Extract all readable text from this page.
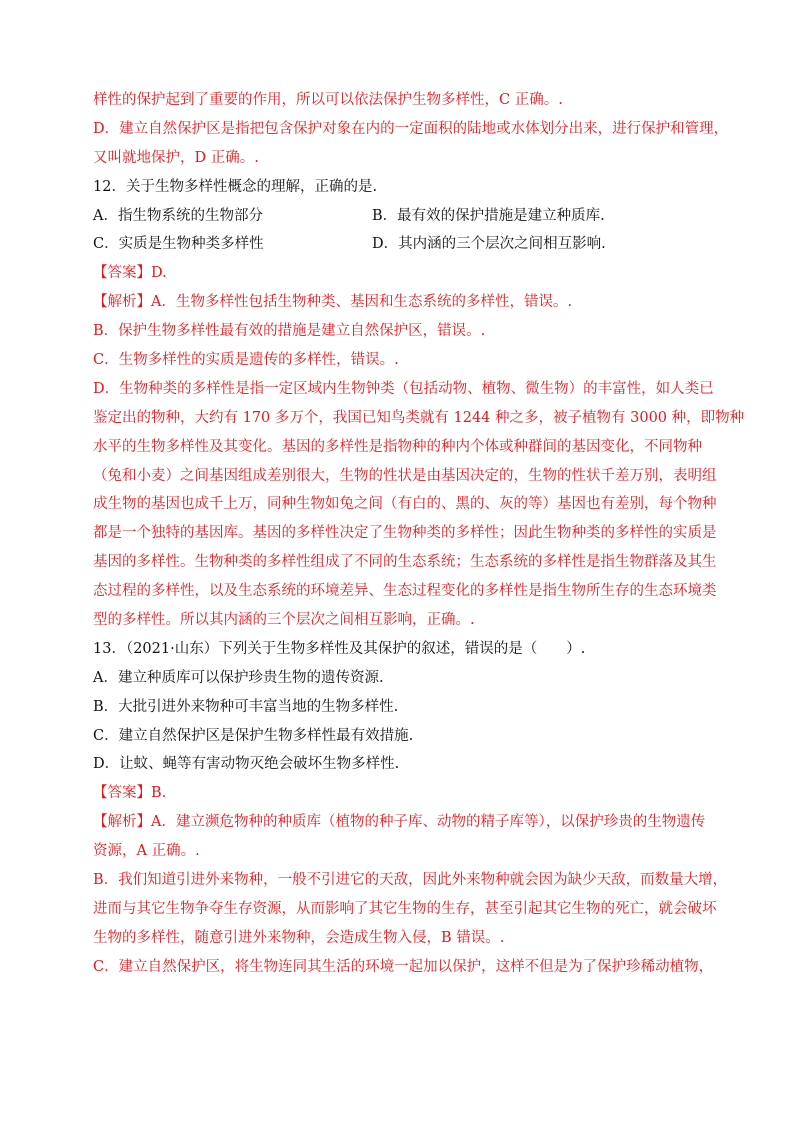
样性的保护起到了重要的作用，所以可以依法保护生物多样性，C 正确。.
D．建立自然保护区是指把包含保护对象在内的一定面积的陆地或水体划分出来，进行保护和管理，
又叫就地保护，D 正确。.
12．关于生物多样性概念的理解，正确的是.
A．指生物系统的生物部分	B．最有效的保护措施是建立种质库.
C．实质是生物种类多样性	D．其内涵的三个层次之间相互影响.
【答案】D.
【解析】A．生物多样性包括生物种类、基因和生态系统的多样性，错误。.
B．保护生物多样性最有效的措施是建立自然保护区，错误。.
C．生物多样性的实质是遗传的多样性，错误。.
D．生物种类的多样性是指一定区域内生物钟类（包括动物、植物、微生物）的丰富性，如人类已
鉴定出的物种，大约有 170 多万个，我国已知鸟类就有 1244 种之多，被子植物有 3000 种，即物种
水平的生物多样性及其变化。基因的多样性是指物种的种内个体或种群间的基因变化，不同物种
（兔和小麦）之间基因组成差别很大，生物的性状是由基因决定的，生物的性状千差万别，表明组
成生物的基因也成千上万，同种生物如兔之间（有白的、黑的、灰的等）基因也有差别，每个物种
都是一个独特的基因库。基因的多样性决定了生物种类的多样性；因此生物种类的多样性的实质是
基因的多样性。生物种类的多样性组成了不同的生态系统；生态系统的多样性是指生物群落及其生
态过程的多样性，以及生态系统的环境差异、生态过程变化的多样性是指生物所生存的生态环境类
型的多样性。所以其内涵的三个层次之间相互影响，正确。.
13．（2021·山东）下列关于生物多样性及其保护的叙述，错误的是（　　）.
A．建立种质库可以保护珍贵生物的遗传资源.
B．大批引进外来物种可丰富当地的生物多样性.
C．建立自然保护区是保护生物多样性最有效措施.
D．让蚊、蝇等有害动物灭绝会破坏生物多样性.
【答案】B.
【解析】A．建立濒危物种的种质库（植物的种子库、动物的精子库等），以保护珍贵的生物遗传
资源，A 正确。.
B．我们知道引进外来物种，一般不引进它的天敌，因此外来物种就会因为缺少天敌，而数量大增，
进而与其它生物争夺生存资源，从而影响了其它生物的生存，甚至引起其它生物的死亡，就会破坏
生物的多样性，随意引进外来物种，会造成生物入侵，B 错误。.
C．建立自然保护区，将生物连同其生活的环境一起加以保护，这样不但是为了保护珍稀动植物，
